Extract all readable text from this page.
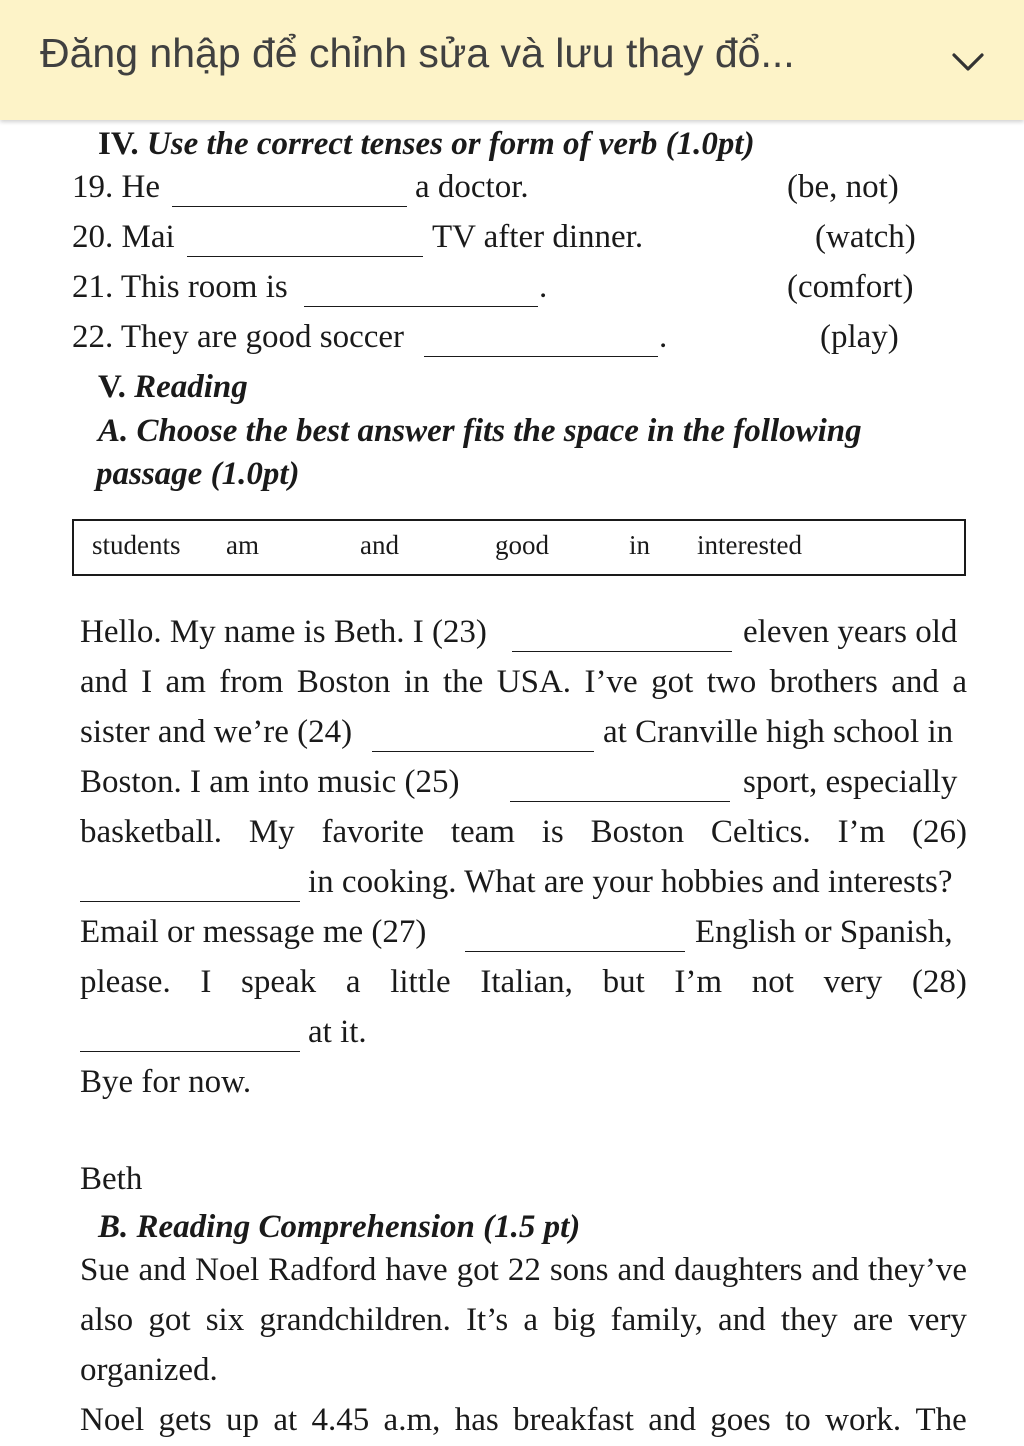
Đăng nhập để chỉnh sửa và lưu thay đổ...
IV. Use the correct tenses or form of verb (1.0pt)
19. He	a doctor.	(be, not)
20. Mai	TV after dinner.	(watch)
21. This room is	.	(comfort)
22. They are good soccer	.	(play)
V. Reading
A. Choose the best answer fits the space in the following
passage (1.0pt)
students am	and	good	in interested
Hello. My name is Beth. I (23)	eleven years old
and I am from Boston in the USA. I’ve got two brothers and a
sister and we’re (24)	at Cranville high school in
Boston. I am into music (25)	sport, especially
basketball. My favorite team is Boston Celtics. I’m (26)
in cooking. What are your hobbies and interests?
Email or message me (27)	English or Spanish,
please. I speak a little Italian, but I’m not very (28)
at it.
Bye for now.
Beth
B. Reading Comprehension (1.5 pt)
Sue and Noel Radford have got 22 sons and daughters and they’ve
also got six grandchildren. It’s a big family, and they are very
organized.
Noel gets up at 4.45 a.m, has breakfast and goes to work. The
